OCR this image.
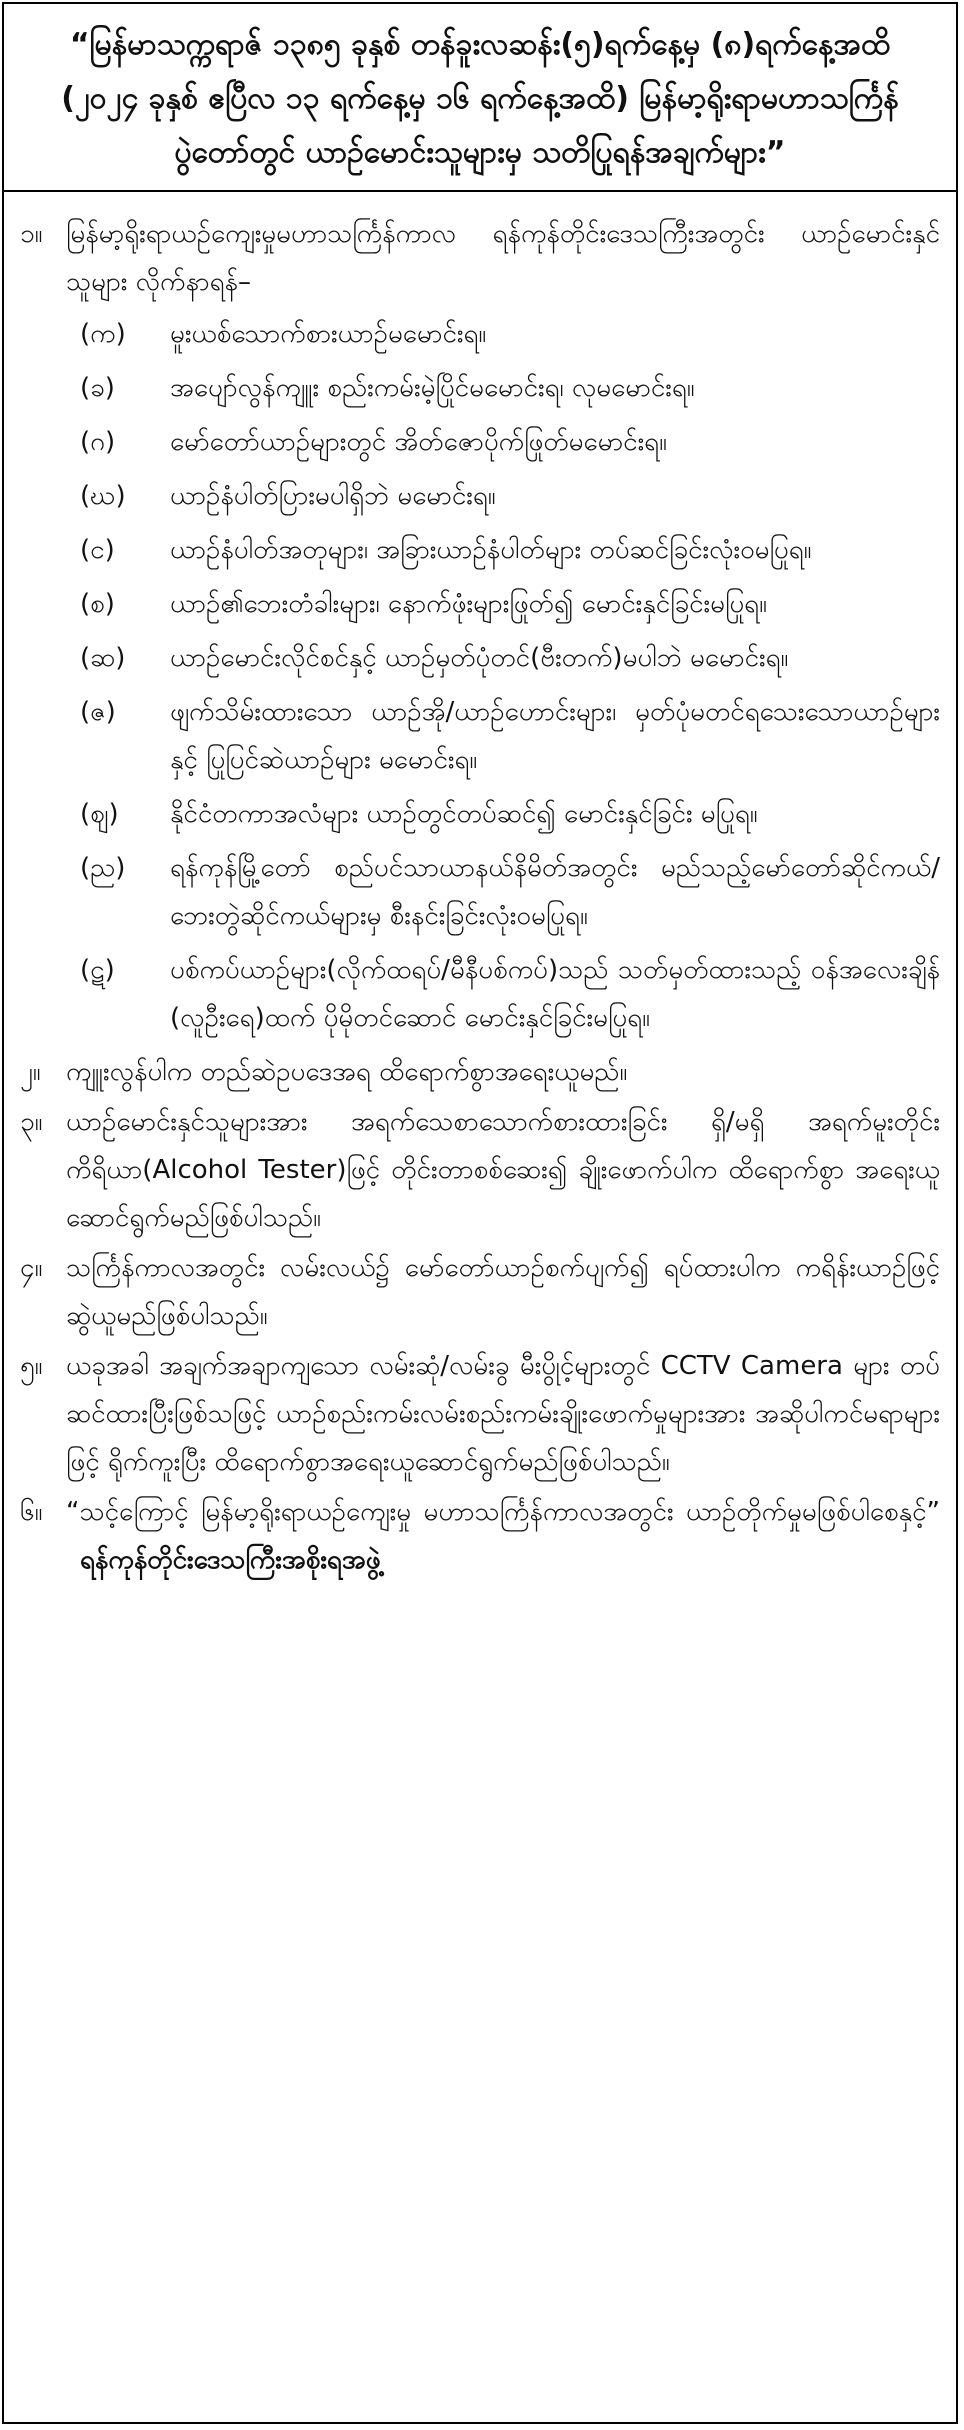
“မြန်မာသက္ကရာဇ် ၁၃၈၅ ခုနှစ် တန်ခူးလဆန်း(၅)ရက်နေ့မှ (၈)ရက်နေ့အထိ (၂၀၂၄ ခုနှစ် ဧပြီလ ၁၃ ရက်နေ့မှ ၁၆ ရက်နေ့အထိ) မြန်မာ့ရိုးရာမဟာသင်္ကြန်ပွဲတော်တွင် ယာဉ်မောင်းသူများမှ သတိပြုရန်အချက်များ”
၁။ မြန်မာ့ရိုးရာယဉ်ကျေးမှုမဟာသင်္ကြန်ကာလ ရန်ကုန်တိုင်းဒေသကြီးအတွင်း ယာဉ်မောင်းနှင်သူများ လိုက်နာရန်–
(က)	မူးယစ်သောက်စားယာဉ်မမောင်းရ။
(ခ)	အပျော်လွန်ကျူး စည်းကမ်းမဲ့ပြိုင်မမောင်းရ၊ လုမမောင်းရ။
(ဂ)	မော်တော်ယာဉ်များတွင် အိတ်ဇောပိုက်ဖြုတ်မမောင်းရ။
(ဃ)	ယာဉ်နံပါတ်ပြားမပါရှိဘဲ မမောင်းရ။
(င)	ယာဉ်နံပါတ်အတုများ၊ အခြားယာဉ်နံပါတ်များ တပ်ဆင်ခြင်းလုံးဝမပြုရ။
(စ)	ယာဉ်၏ဘေးတံခါးများ၊ နောက်ဖုံးများဖြုတ်၍ မောင်းနှင်ခြင်းမပြုရ။
(ဆ)	ယာဉ်မောင်းလိုင်စင်နှင့် ယာဉ်မှတ်ပုံတင်(ဗီးတက်)မပါဘဲ မမောင်းရ။
(ဇ)	ဖျက်သိမ်းထားသော ယာဉ်အို/ယာဉ်ဟောင်းများ၊ မှတ်ပုံမတင်ရသေးသောယာဉ်များနှင့် ပြုပြင်ဆဲယာဉ်များ မမောင်းရ။
(ဈ)	နိုင်ငံတကာအလံများ ယာဉ်တွင်တပ်ဆင်၍ မောင်းနှင်ခြင်း မပြုရ။
(ည)	ရန်ကုန်မြို့တော် စည်ပင်သာယာနယ်နိမိတ်အတွင်း မည်သည့်မော်တော်ဆိုင်ကယ်/ ဘေးတွဲဆိုင်ကယ်များမှ စီးနင်းခြင်းလုံးဝမပြုရ။
(ဋ)	ပစ်ကပ်ယာဉ်များ(လိုက်ထရပ်/မီနီပစ်ကပ်)သည် သတ်မှတ်ထားသည့် ဝန်အလေးချိန် (လူဦးရေ)ထက် ပိုမိုတင်ဆောင် မောင်းနှင်ခြင်းမပြုရ။
၂။ ကျူးလွန်ပါက တည်ဆဲဥပဒေအရ ထိရောက်စွာအရေးယူမည်။
၃။ ယာဉ်မောင်းနှင်သူများအား အရက်သေစာသောက်စားထားခြင်း ရှိ/မရှိ အရက်မူးတိုင်းကိရိယာ(Alcohol Tester)ဖြင့် တိုင်းတာစစ်ဆေး၍ ချိုးဖောက်ပါက ထိရောက်စွာ အရေးယူဆောင်ရွက်မည်ဖြစ်ပါသည်။
၄။ သင်္ကြန်ကာလအတွင်း လမ်းလယ်၌ မော်တော်ယာဉ်စက်ပျက်၍ ရပ်ထားပါက ကရိန်းယာဉ်ဖြင့် ဆွဲယူမည်ဖြစ်ပါသည်။
၅။ ယခုအခါ အချက်အချာကျသော လမ်းဆုံ/လမ်းခွ မီးပွိုင့်များတွင် CCTV Camera များ တပ်ဆင်ထားပြီးဖြစ်သဖြင့် ယာဉ်စည်းကမ်းလမ်းစည်းကမ်းချိုးဖောက်မှုများအား အဆိုပါကင်မရာများဖြင့် ရိုက်ကူးပြီး ထိရောက်စွာအရေးယူဆောင်ရွက်မည်ဖြစ်ပါသည်။
၆။ “သင့်ကြောင့် မြန်မာ့ရိုးရာယဉ်ကျေးမှု မဟာသင်္ကြန်ကာလအတွင်း ယာဉ်တိုက်မှုမဖြစ်ပါစေနှင့်” ရန်ကုန်တိုင်းဒေသကြီးအစိုးရအဖွဲ့
